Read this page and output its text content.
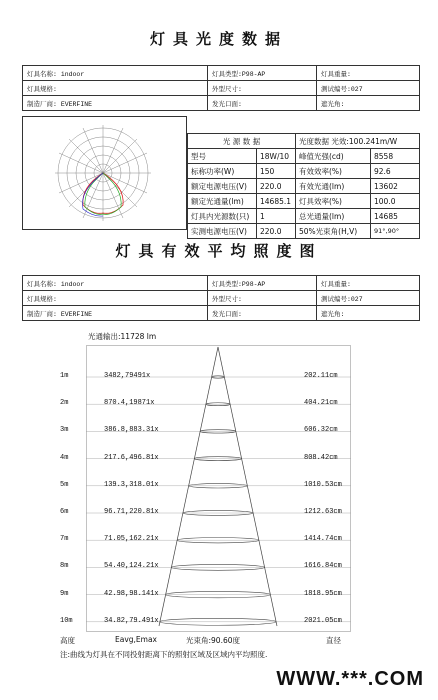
灯具光度数据
灯具名称: indoor	灯具类型:P98-AP	灯具重量:
灯具规格:	外型尺寸:	测试编号:027
制造厂商: EVERFINE	发光口面:	遮光角:
光 源 数 据		光度数据 光效:100.241m/W	
型号	18W/10	峰值光强(cd)	8558
标称功率(W)	150	有效效率(%)	92.6
额定电源电压(V)	220.0	有效光通(lm)	13602
额定光通量(lm)	14685.1	灯具效率(%)	100.0
灯具内光源数(只)	1	总光通量(lm)	14685
实测电源电压(V)	220.0	50%光束角(H,V)	91°,90°
灯具有效平均照度图
灯具名称: indoor	灯具类型:P98-AP	灯具重量:
灯具规格:	外型尺寸:	测试编号:027
制造厂商: EVERFINE	发光口面:	遮光角:
光通输出:11728 lm
1m	3482,79491x	202.11cm
2m	870.4,19871x	404.21cm
3m	386.8,883.31x	606.32cm
4m	217.6,496.81x	808.42cm
5m	139.3,318.01x	1010.53cm
6m	96.71,220.81x	1212.63cm
7m	71.05,162.21x	1414.74cm
8m	54.40,124.21x	1616.84cm
9m	42.98,98.141x	1818.95cm
10m	34.82,79.491x	2021.05cm
高度	Eavg,Emax	光束角:90.60度	直径
注:曲线为灯具在不同投射距离下的照射区域及区域内平均照度.
WWW.***.COM
